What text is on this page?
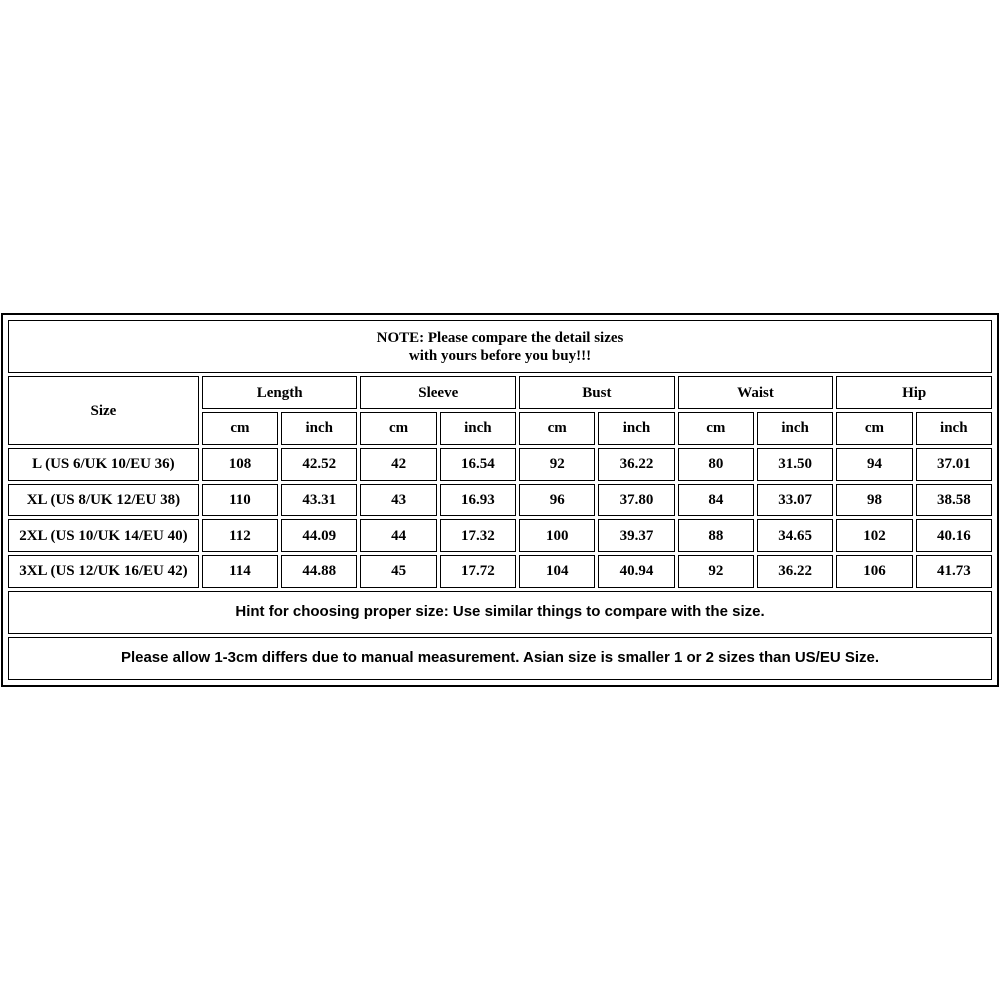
NOTE: Please compare the detail sizes
with yours before you buy!!!										

Size	Length		Sleeve		Bust		Waist		Hip	
	cm	inch	cm	inch	cm	inch	cm	inch	cm	inch
L (US 6/UK 10/EU 36)	108	42.52	42	16.54	92	36.22	80	31.50	94	37.01
XL (US 8/UK 12/EU 38)	110	43.31	43	16.93	96	37.80	84	33.07	98	38.58
2XL (US 10/UK 14/EU 40)	112	44.09	44	17.32	100	39.37	88	34.65	102	40.16
3XL (US 12/UK 16/EU 42)	114	44.88	45	17.72	104	40.94	92	36.22	106	41.73
Hint for choosing proper size: Use similar things to compare with the size.										
Please allow 1-3cm differs due to manual measurement. Asian size is smaller 1 or 2 sizes than US/EU Size.										
